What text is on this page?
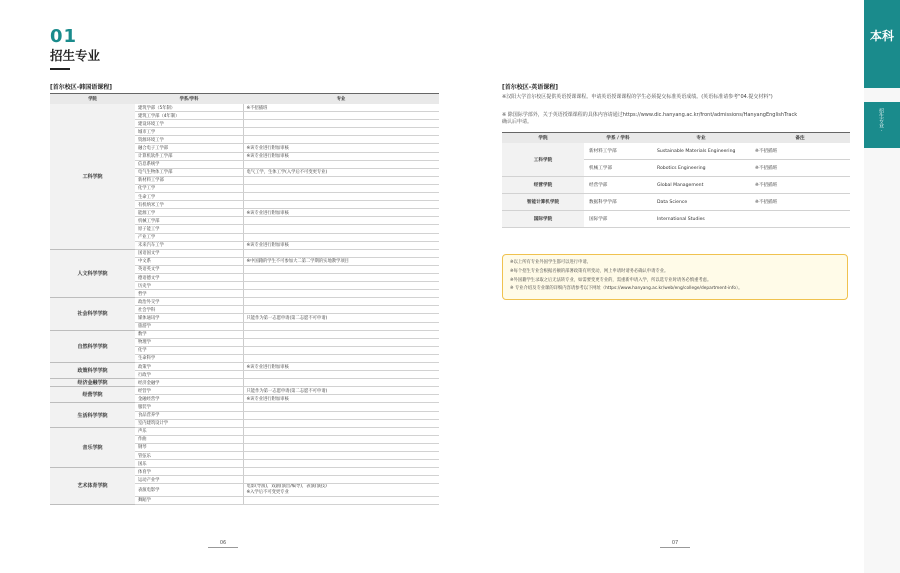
01
招生专业
[首尔校区-韩国语课程]
学院	学系/学科	专业
工科学院	建筑学部（5年制）	※不招插班
	建筑工学部（4年制）	
	建设环境工学	
	城市工学	
	资源环境工学	
	融合电子工学部	※该专业进行附加审核
	计算机软件工学部	※该专业进行附加审核
	信息系统学	
	电气生物体工学部	电气工学，生体工学(入学后不可变更专业)
	新材料工学部	
	化学工学	
	生命工学	
	有机纳米工学	
	能源工学	※该专业进行附加审核
	机械工学部	
	原子能工学	
	产业工学	
	未来汽车工学	※该专业进行附加审核
人文科学学院	国语国文学	
	中文系	※中国籍的学生不可参加大二第二学期的实地教学项目
	英语英文学	
	德语德文学	
	历史学	
	哲学	
社会科学学院	政治外交学	
	社会学科	
	媒体通讯学	只能作为第一志愿申请(第二志愿不可申请)
	旅游学	
自然科学学院	数学	
	物理学	
	化学	
	生命科学	
政策科学学院	政策学	※该专业进行附加审核
	行政学	
经济金融学院	经济金融学	
经营学院	经营学	只能作为第一志愿申请(第二志愿不可申请)
	金融经营学	※该专业进行附加审核
生活科学学院	服装学	
	食品营养学	
	室内建筑设计学	
音乐学院	声乐	
	作曲	
	钢琴	
	管弦乐	
	国乐	
艺术体育学院	体育学	
	运动产业学	
	表演电影学	电影(导演)，戏剧(演出/编导)，表演(演技)
※入学后不可变更专业
	舞蹈学	
[首尔校区-英语课程]
※汉阳大学首尔校区提供英语授课课程。申请英语授课课程的学生必须提交标准英语成绩。(英语标准请参考"04.提交材料")
※ 除国际学部外，关于英语授课课程的具体内容请通过https://www.dic.hanyang.ac.kr/front/admissions/HanyangEnglishTrack确认后申请。
学院	学系 / 学科	专业	备注
工科学院	新材料工学部	Sustainable Materials Engineering	※不招插班
	机械工学部	Robotics Engineering	※不招插班
经营学院	经营学部	Global Management	※不招插班
智能计算机学院	数据科学学部	Data Science	※不招插班
国际学院	国际学部	International Studies	
※以上所有专业外国学生都可以进行申请。
※每个招生专业会根据名额的部署政策有所变动，网上申请时请务必确认申请专业。
※外国籍学生录取之后无法转专业，如需要变更专业的，需重新申请入学，所以选专业时请务必慎重考虑。
※ 专业介绍及专业课的详细内容请参考以下网址（https://www.hanyang.ac.kr/web/eng/college/department-info）。
06
	07

本科
招生专业 ·
